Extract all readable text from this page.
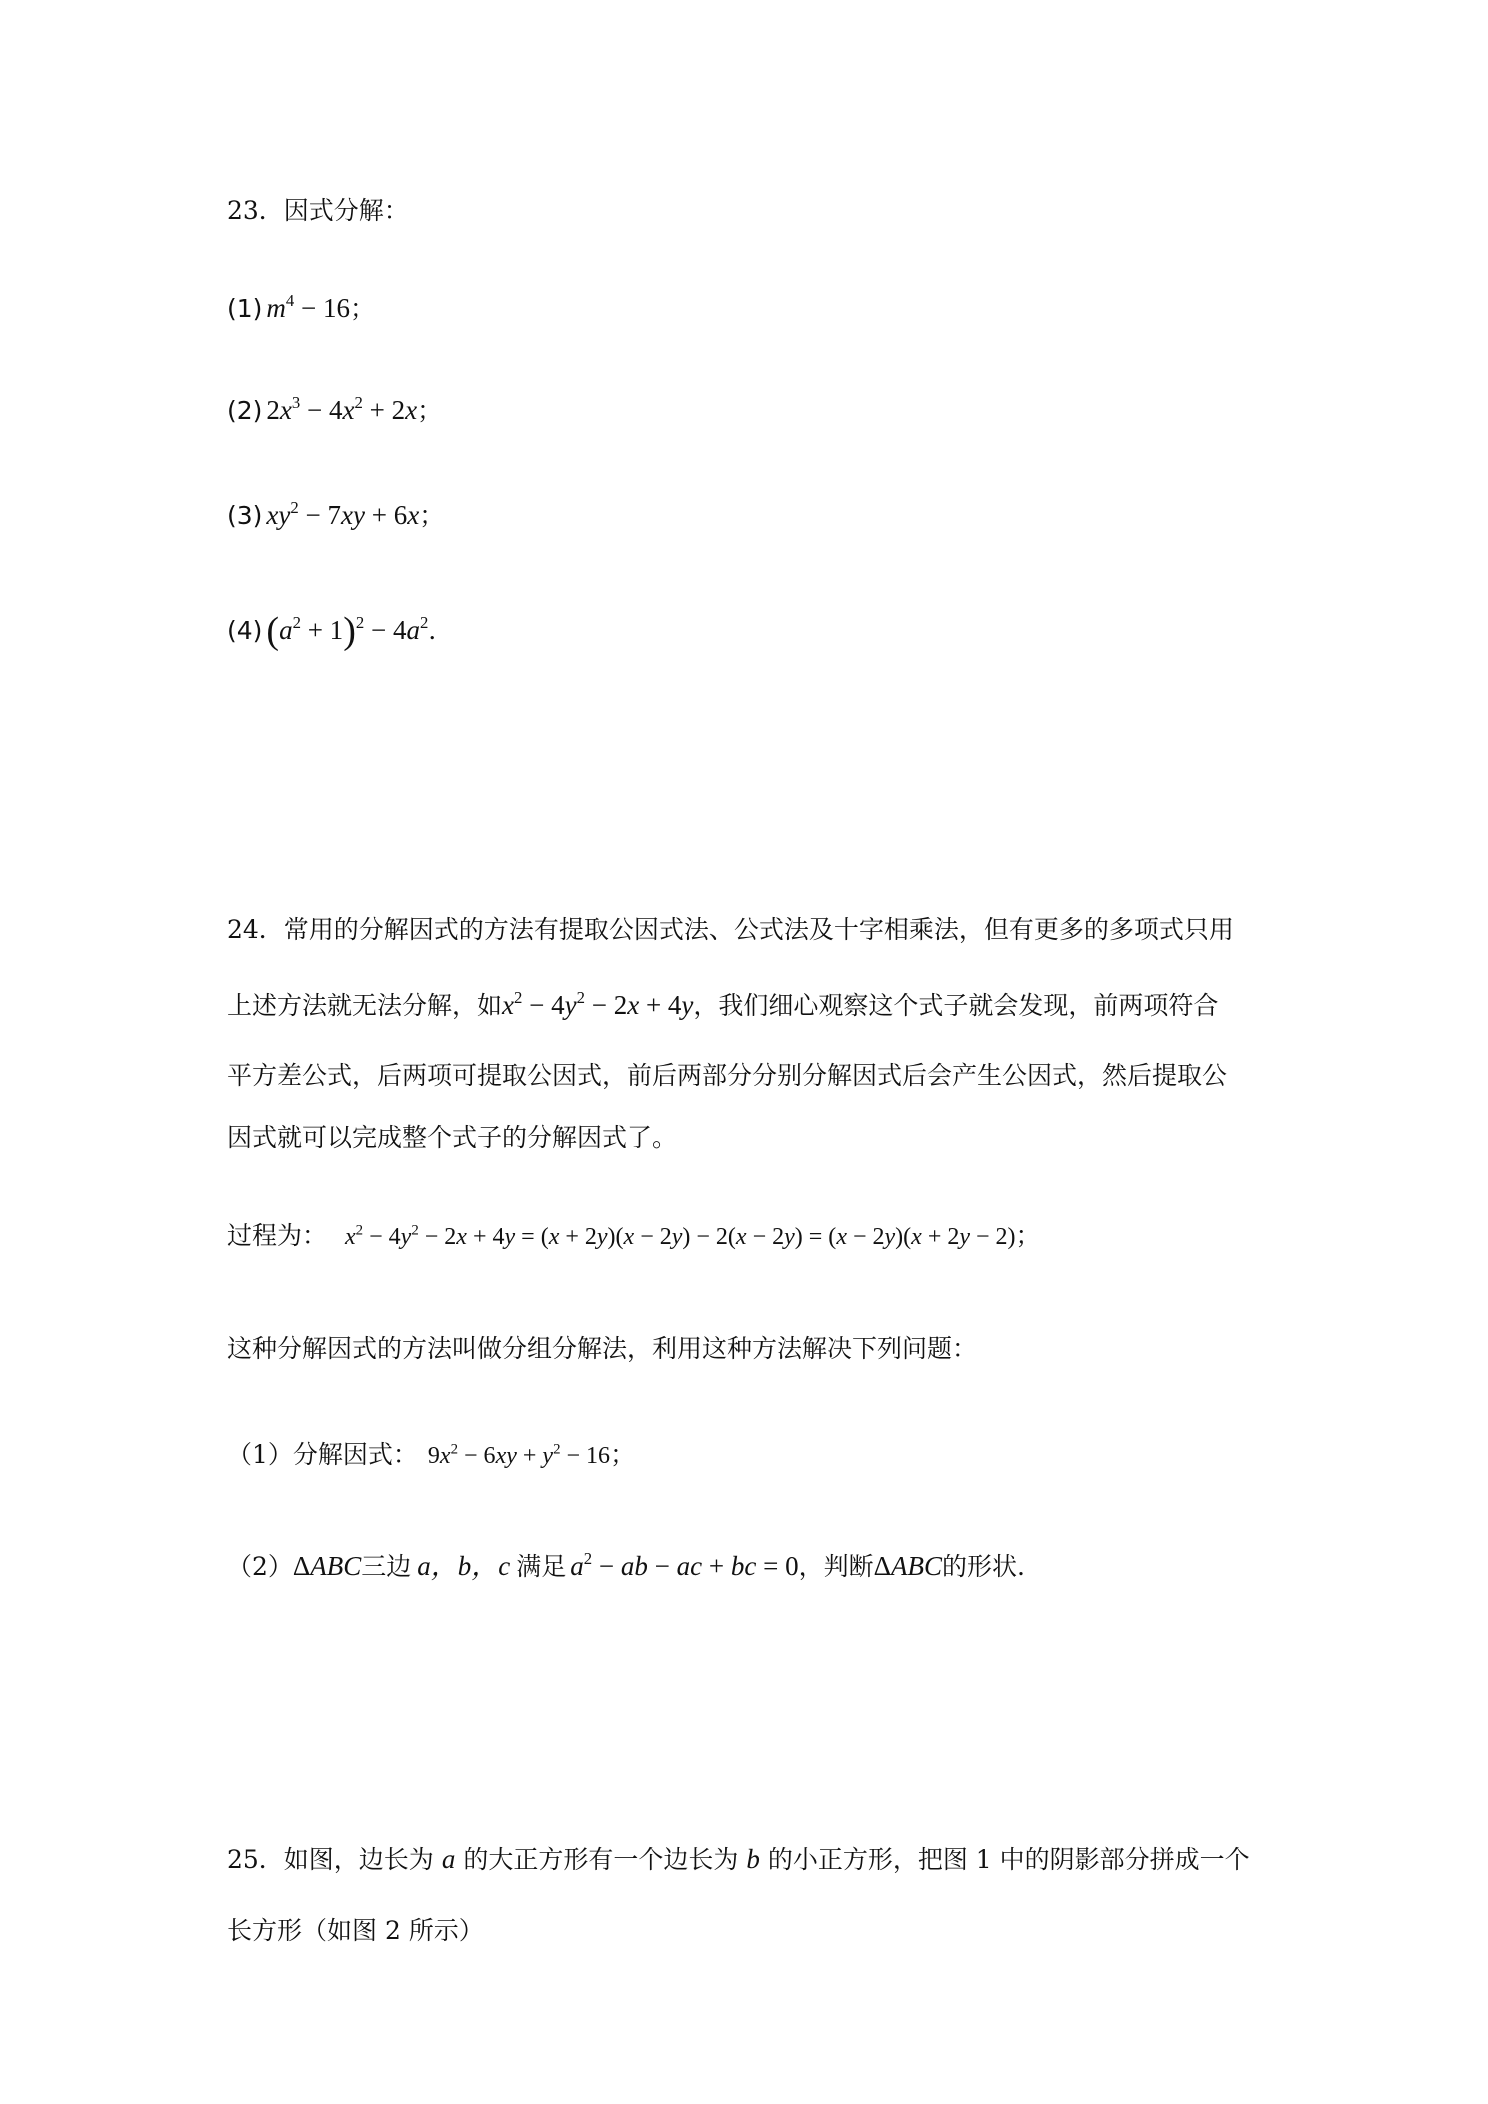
23．因式分解：
(1) $m^4 - 16$；
(2) $2x^3 - 4x^2 + 2x$；
(3) $xy^2 - 7xy + 6x$；
(4) $(a^2 + 1)^2 - 4a^2$．
24．常用的分解因式的方法有提取公因式法、公式法及十字相乘法，但有更多的多项式只用
上述方法就无法分解，如$x^2 - 4y^2 - 2x + 4y$，我们细心观察这个式子就会发现，前两项符合
平方差公式，后两项可提取公因式，前后两部分分别分解因式后会产生公因式，然后提取公
因式就可以完成整个式子的分解因式了。
过程为： $x^2 - 4y^2 - 2x + 4y = (x + 2y)(x - 2y) - 2(x - 2y) = (x - 2y)(x + 2y - 2)$；
这种分解因式的方法叫做分组分解法，利用这种方法解决下列问题：
（1）分解因式： $9x^2 - 6xy + y^2 - 16$；
（2）ΔABC三边 a，b，c 满足 $a^2$ − ab − ac + bc = 0，判断ΔABC的形状.
25．如图，边长为 a 的大正方形有一个边长为 b 的小正方形，把图 1 中的阴影部分拼成一个
长方形（如图 2 所示）
